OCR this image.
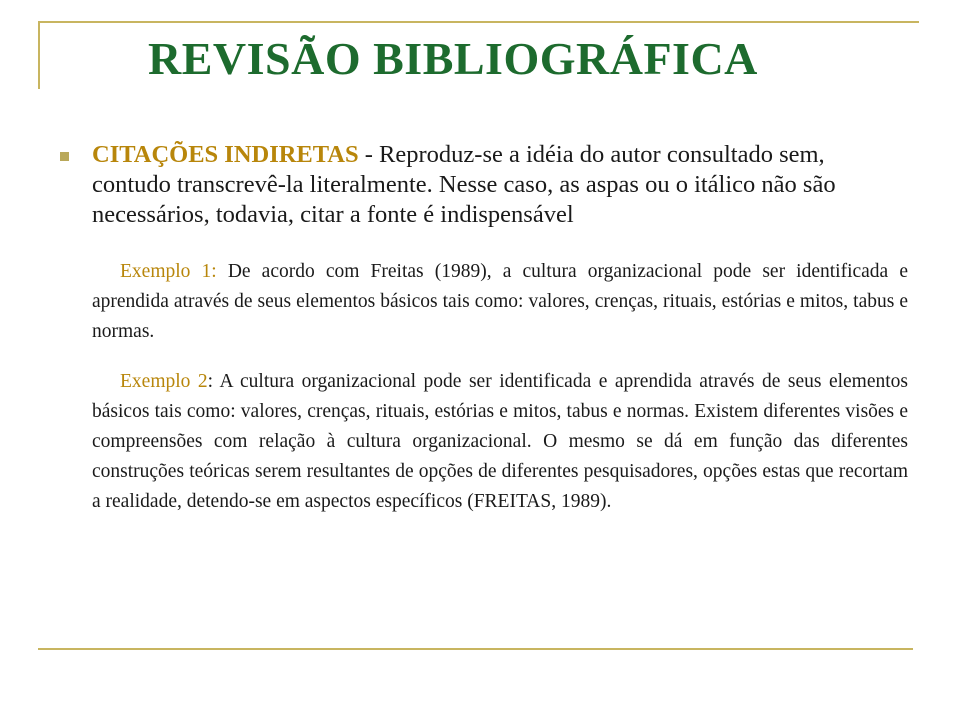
REVISÃO BIBLIOGRÁFICA
CITAÇÕES INDIRETAS - Reproduz-se a idéia do autor consultado sem, contudo transcrevê-la literalmente. Nesse caso, as aspas ou o itálico não são necessários, todavia, citar a fonte é indispensável

Exemplo 1: De acordo com Freitas (1989), a cultura organizacional pode ser identificada e aprendida através de seus elementos básicos tais como: valores, crenças, rituais, estórias e mitos, tabus e normas.

Exemplo 2: A cultura organizacional pode ser identificada e aprendida através de seus elementos básicos tais como: valores, crenças, rituais, estórias e mitos, tabus e normas. Existem diferentes visões e compreensões com relação à cultura organizacional. O mesmo se dá em função das diferentes construções teóricas serem resultantes de opções de diferentes pesquisadores, opções estas que recortam a realidade, detendo-se em aspectos específicos (FREITAS, 1989).
